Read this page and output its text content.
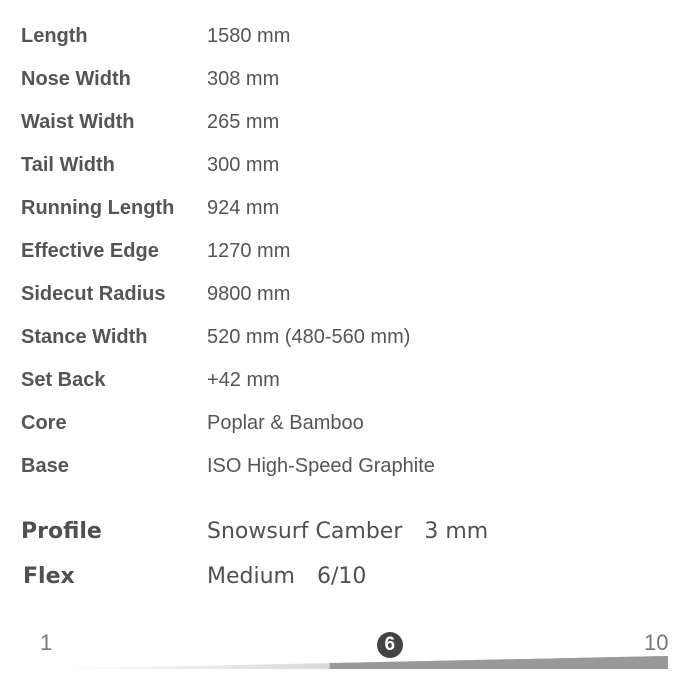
Length	1580 mm
Nose Width	308 mm
Waist Width	265 mm
Tail Width	300 mm
Running Length 924 mm
Effective Edge 1270 mm
Sidecut Radius 9800 mm
Stance Width	520 mm (480-560 mm)
Set Back	+42 mm
Core	Poplar & Bamboo
Base	ISO High-Speed Graphite
Profile	Snowsurf Camber 3 mm
Flex	Medium 6/10
1	6	10
